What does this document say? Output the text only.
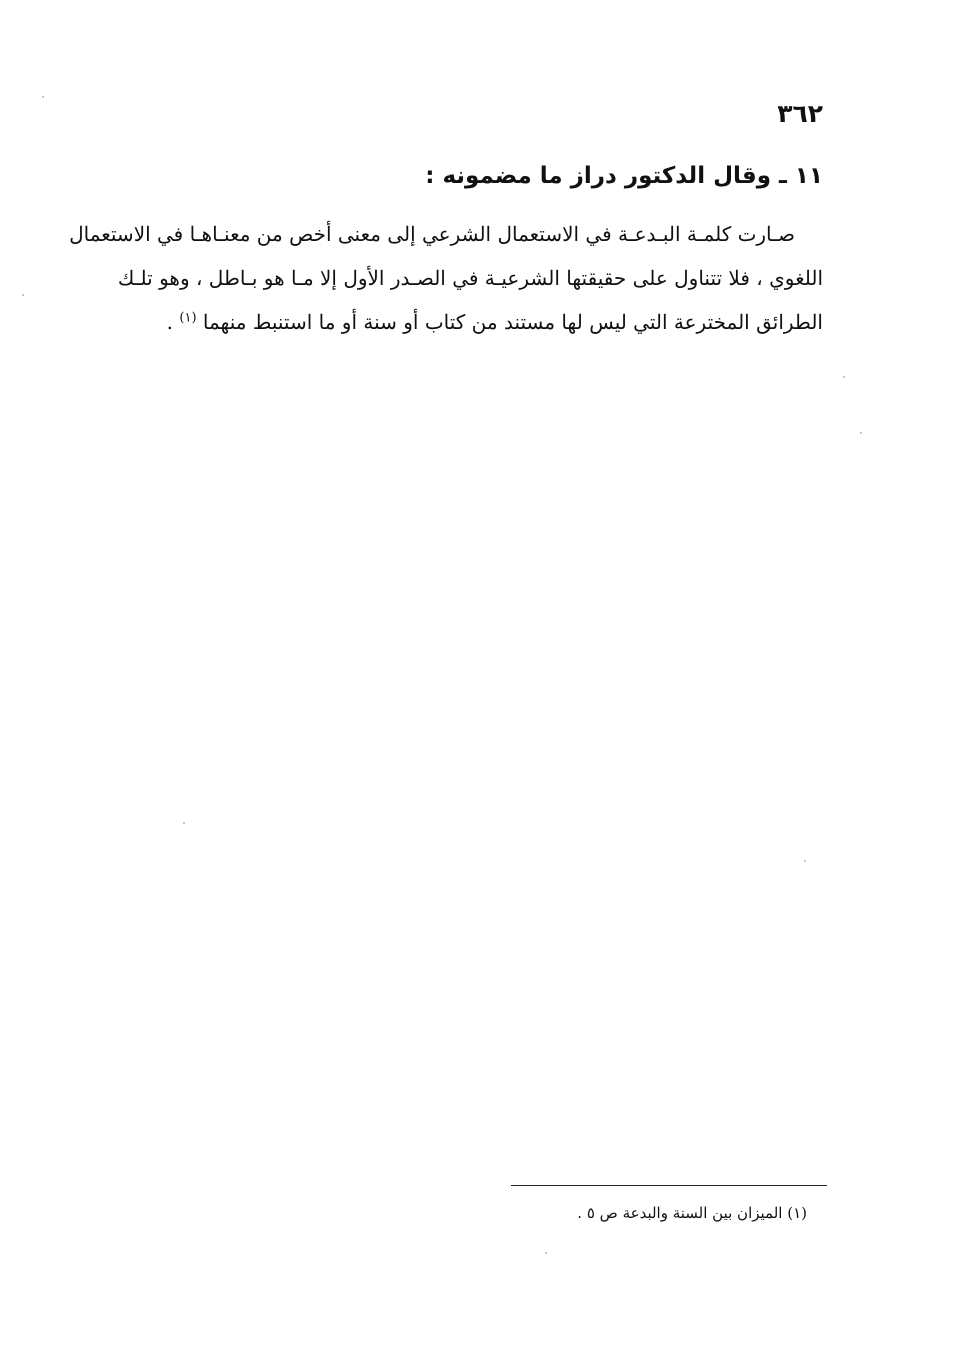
٣٦٢
١١ ـ وقال الدكتور دراز ما مضمونه :
صـارت كلمـة البـدعـة في الاستعمال الشرعي إلى معنى أخص من معنـاهـا في الاستعمال
اللغوي ، فلا تتناول على حقيقتها الشرعيـة في الصـدر الأول إلا مـا هو بـاطل ، وهو تلـك
الطرائق المخترعة التي ليس لها مستند من كتاب أو سنة أو ما استنبط منهما $^{(١)}$ .
(١) الميزان بين السنة والبدعة ص ٥ .
